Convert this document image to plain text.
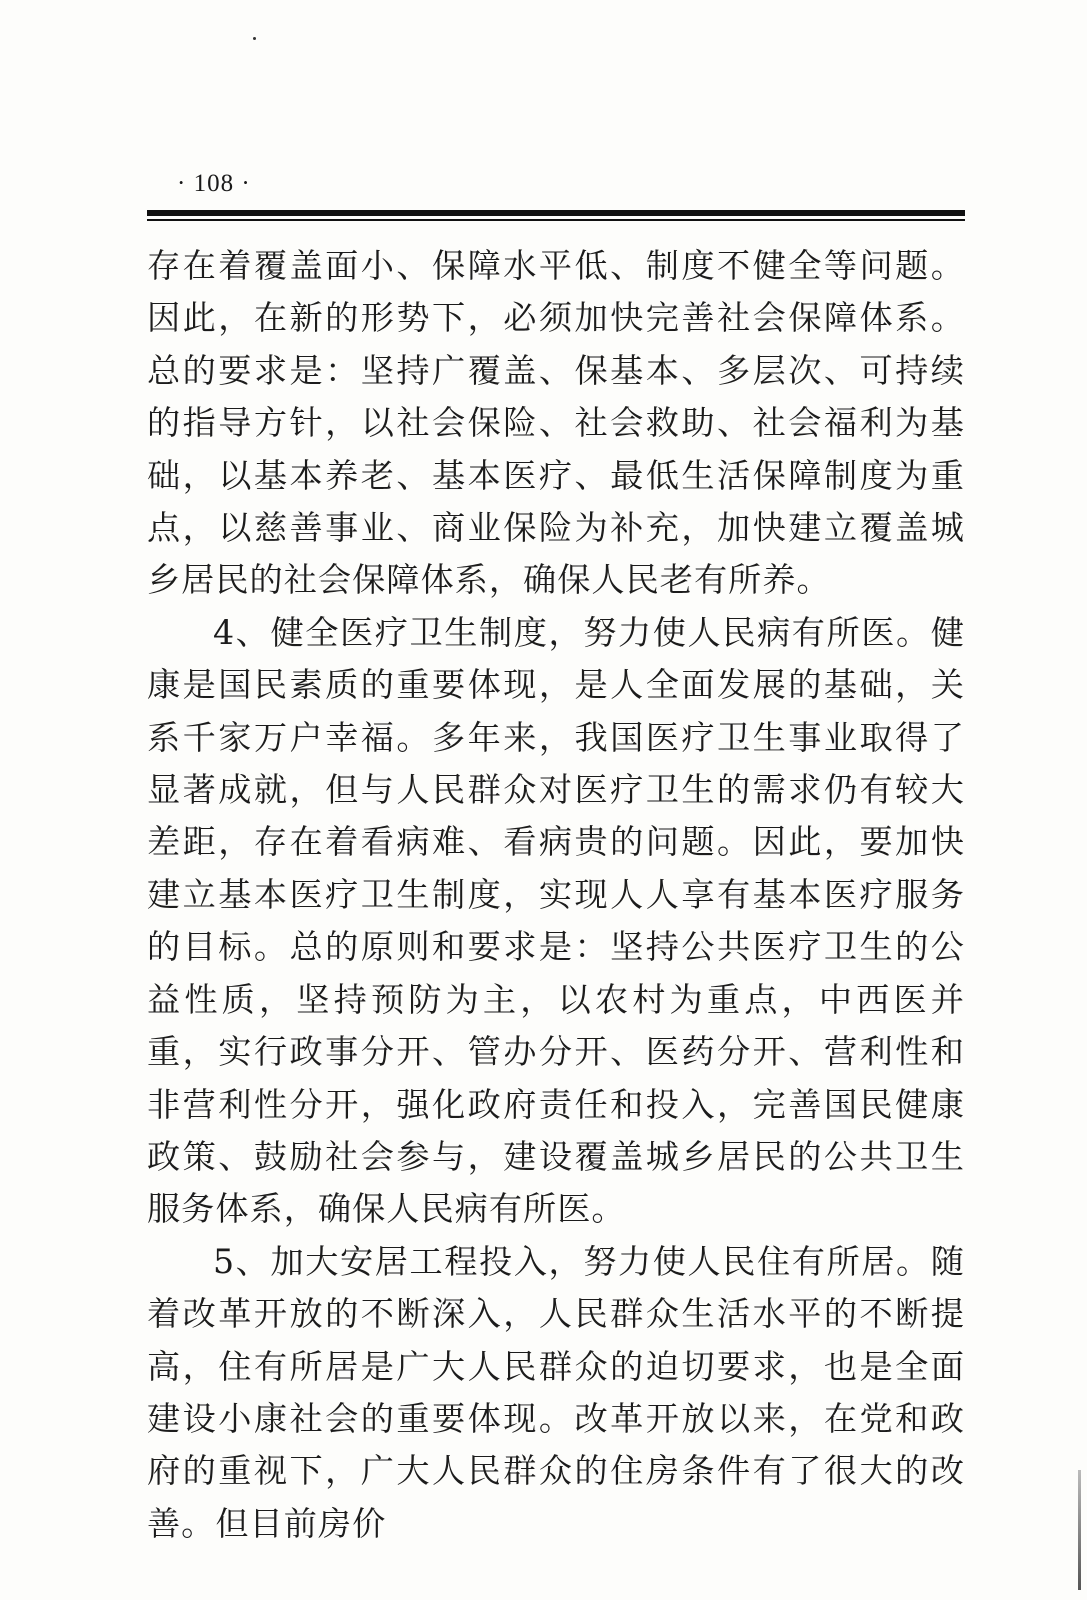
· 108 ·

存在着覆盖面小、保障水平低、制度不健全等问题。因此，在新的形势下，必须加快完善社会保障体系。总的要求是：坚持广覆盖、保基本、多层次、可持续的指导方针，以社会保险、社会救助、社会福利为基础，以基本养老、基本医疗、最低生活保障制度为重点，以慈善事业、商业保险为补充，加快建立覆盖城乡居民的社会保障体系，确保人民老有所养。

4、健全医疗卫生制度，努力使人民病有所医。健康是国民素质的重要体现，是人全面发展的基础，关系千家万户幸福。多年来，我国医疗卫生事业取得了显著成就，但与人民群众对医疗卫生的需求仍有较大差距，存在着看病难、看病贵的问题。因此，要加快建立基本医疗卫生制度，实现人人享有基本医疗服务的目标。总的原则和要求是：坚持公共医疗卫生的公益性质，坚持预防为主，以农村为重点，中西医并重，实行政事分开、管办分开、医药分开、营利性和非营利性分开，强化政府责任和投入，完善国民健康政策、鼓励社会参与，建设覆盖城乡居民的公共卫生服务体系，确保人民病有所医。

5、加大安居工程投入，努力使人民住有所居。随着改革开放的不断深入，人民群众生活水平的不断提高，住有所居是广大人民群众的迫切要求，也是全面建设小康社会的重要体现。改革开放以来，在党和政府的重视下，广大人民群众的住房条件有了很大的改善。但目前房价
